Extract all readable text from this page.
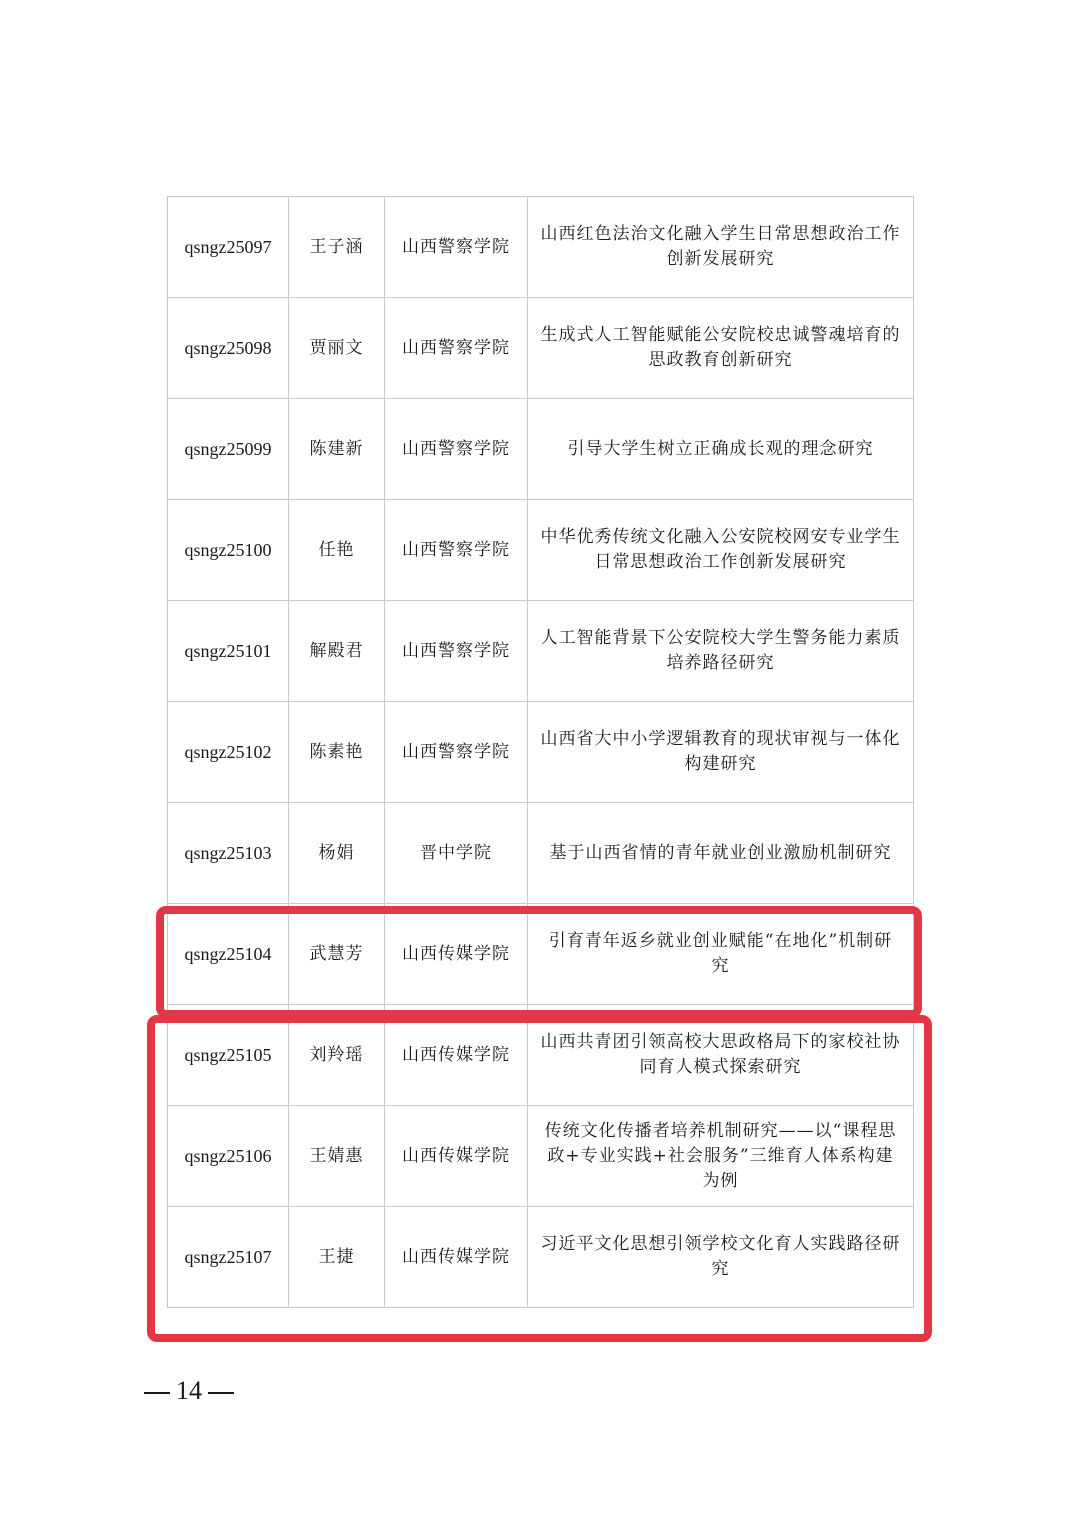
qsngz25097	王子涵	山西警察学院	山西红色法治文化融入学生日常思想政治工作创新发展研究
qsngz25098	贾丽文	山西警察学院	生成式人工智能赋能公安院校忠诚警魂培育的思政教育创新研究
qsngz25099	陈建新	山西警察学院	引导大学生树立正确成长观的理念研究
qsngz25100	任艳	山西警察学院	中华优秀传统文化融入公安院校网安专业学生日常思想政治工作创新发展研究
qsngz25101	解殿君	山西警察学院	人工智能背景下公安院校大学生警务能力素质培养路径研究
qsngz25102	陈素艳	山西警察学院	山西省大中小学逻辑教育的现状审视与一体化构建研究
qsngz25103	杨娟	晋中学院	基于山西省情的青年就业创业激励机制研究
qsngz25104	武慧芳	山西传媒学院	引育青年返乡就业创业赋能“在地化”机制研究
qsngz25105	刘羚瑶	山西传媒学院	山西共青团引领高校大思政格局下的家校社协同育人模式探索研究
qsngz25106	王婧惠	山西传媒学院	传统文化传播者培养机制研究——以“课程思政+专业实践+社会服务”三维育人体系构建为例
qsngz25107	王捷	山西传媒学院	习近平文化思想引领学校文化育人实践路径研究
14
